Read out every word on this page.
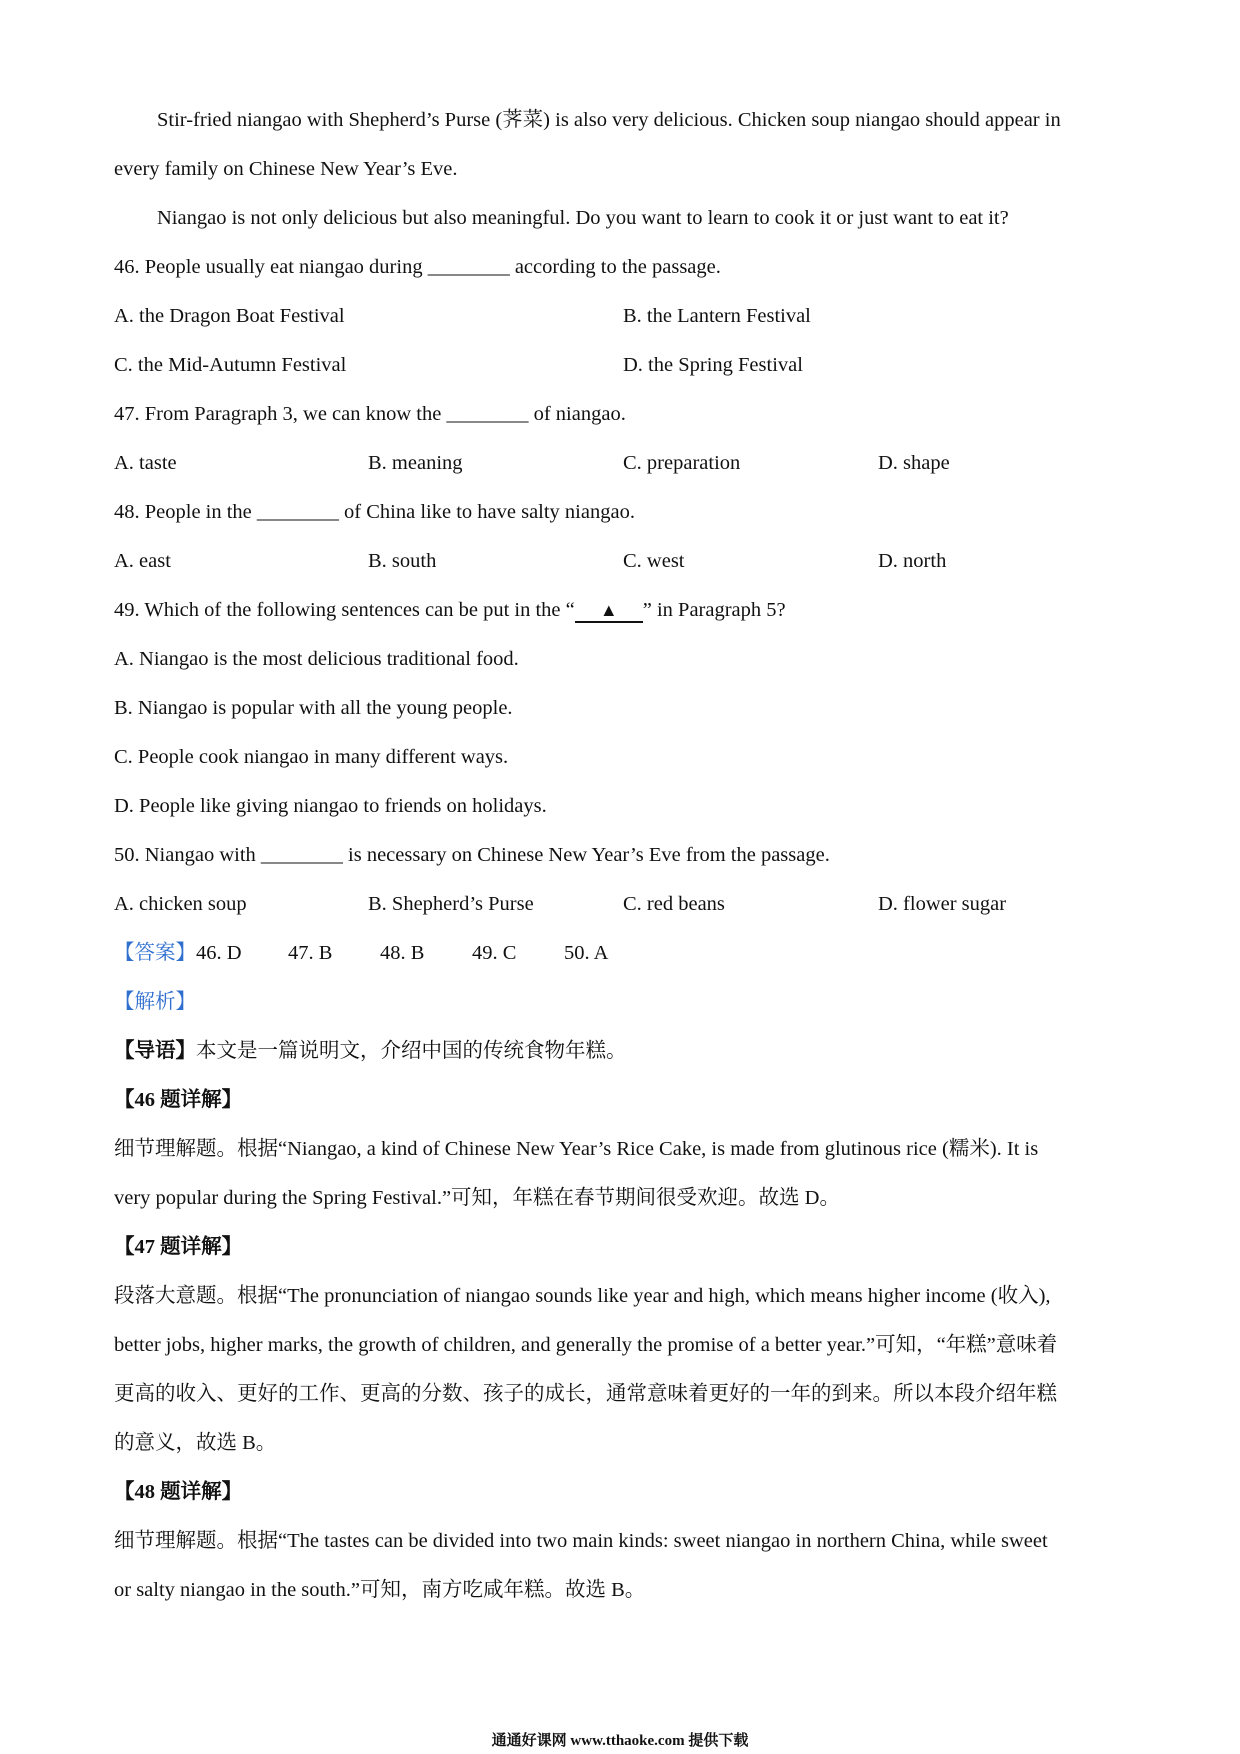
Stir-fried niangao with Shepherd’s Purse (荠菜) is also very delicious. Chicken soup niangao should appear in
every family on Chinese New Year’s Eve.
Niangao is not only delicious but also meaningful. Do you want to learn to cook it or just want to eat it?
46. People usually eat niangao during ________ according to the passage.
A. the Dragon Boat Festival	B. the Lantern Festival
C. the Mid-Autumn Festival	D. the Spring Festival
47. From Paragraph 3, we can know the ________ of niangao.
A. taste	B. meaning	C. preparation	D. shape
48. People in the ________ of China like to have salty niangao.
A. east	B. south	C. west	D. north
49. Which of the following sentences can be put in the “ ▲ ” in Paragraph 5?
A. Niangao is the most delicious traditional food.
B. Niangao is popular with all the young people.
C. People cook niangao in many different ways.
D. People like giving niangao to friends on holidays.
50. Niangao with ________ is necessary on Chinese New Year’s Eve from the passage.
A. chicken soup	B. Shepherd’s Purse	C. red beans	D. flower sugar
【答案】46. D 47. B 48. B 49. C 50. A
【解析】
【导语】本文是一篇说明文，介绍中国的传统食物年糕。
【46 题详解】
细节理解题。根据“Niangao, a kind of Chinese New Year’s Rice Cake, is made from glutinous rice (糯米). It is
very popular during the Spring Festival.”可知，年糕在春节期间很受欢迎。故选 D。
【47 题详解】
段落大意题。根据“The pronunciation of niangao sounds like year and high, which means higher income (收入),
better jobs, higher marks, the growth of children, and generally the promise of a better year.”可知，“年糕”意味着
更高的收入、更好的工作、更高的分数、孩子的成长，通常意味着更好的一年的到来。所以本段介绍年糕
的意义，故选 B。
【48 题详解】
细节理解题。根据“The tastes can be divided into two main kinds: sweet niangao in northern China, while sweet
or salty niangao in the south.”可知，南方吃咸年糕。故选 B。
通通好课网 www.tthaoke.com 提供下载
